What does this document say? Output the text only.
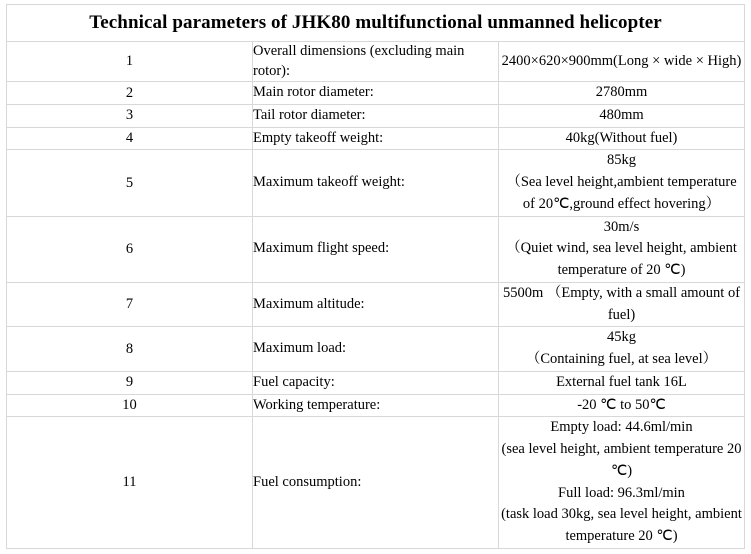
Technical parameters of JHK80 multifunctional unmanned helicopter		
1	Overall dimensions (excluding main rotor):	2400×620×900mm(Long × wide × High)

2	Main rotor diameter:	2780mm

3	Tail rotor diameter:	480mm

4	Empty takeoff weight:	40kg(Without fuel)

5	Maximum takeoff weight:	85kg
（Sea level height,ambient temperature of 20℃,ground effect hovering）

6	Maximum flight speed:	30m/s
（Quiet wind, sea level height, ambient temperature of 20 ℃)

7	Maximum altitude:	5500m （Empty, with a small amount of fuel)

8	Maximum load:	45kg
（Containing fuel, at sea level）

9	Fuel capacity:	External fuel tank 16L

10	Working temperature:	-20 ℃ to 50℃

11	Fuel consumption:	Empty load: 44.6ml/min
(sea level height, ambient temperature 20 ℃)
Full load: 96.3ml/min
(task load 30kg, sea level height, ambient temperature 20 ℃)
